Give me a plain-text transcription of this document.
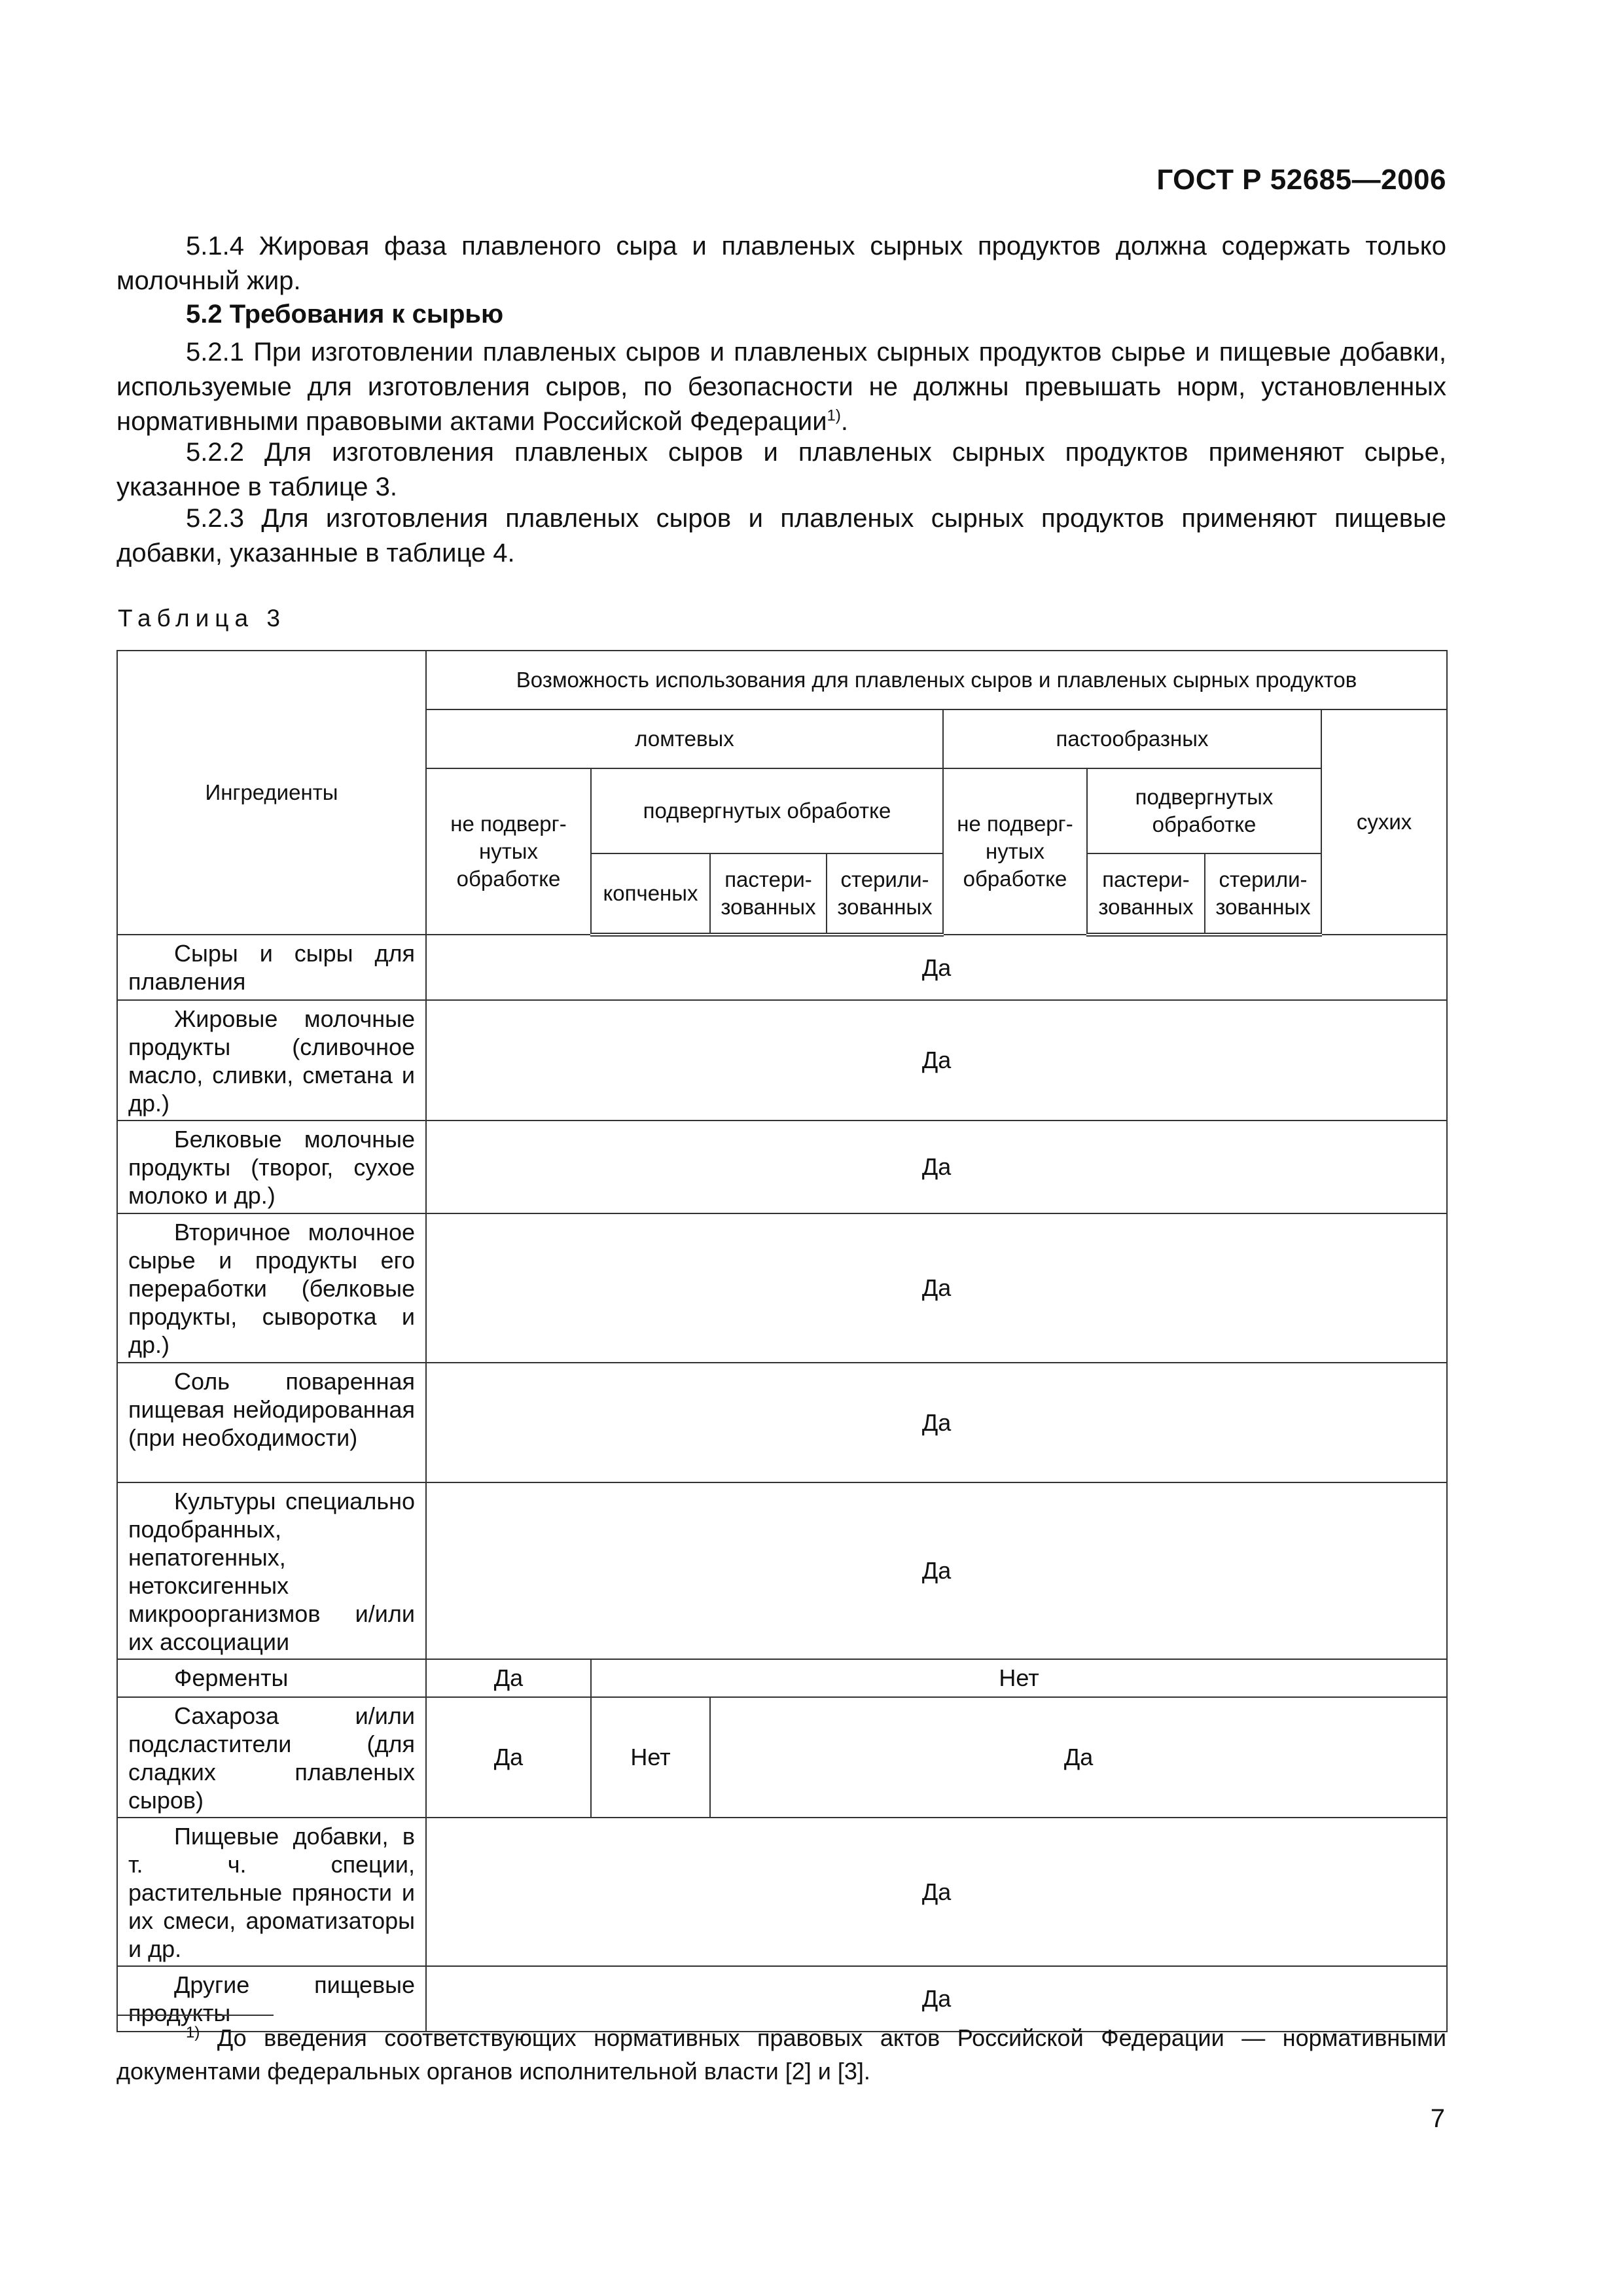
ГОСТ Р 52685—2006

5.1.4 Жировая фаза плавленого сыра и плавленых сырных продуктов должна содержать только молочный жир.

5.2 Требования к сырью

5.2.1 При изготовлении плавленых сыров и плавленых сырных продуктов сырье и пищевые добавки, используемые для изготовления сыров, по безопасности не должны превышать норм, установленных нормативными правовыми актами Российской Федерации$^{1)}$.

5.2.2 Для изготовления плавленых сыров и плавленых сырных продуктов применяют сырье, указанное в таблице 3.

5.2.3 Для изготовления плавленых сыров и плавленых сырных продуктов применяют пищевые добавки, указанные в таблице 4.

Таблица 3
Ингредиенты	Возможность использования для плавленых сыров и плавленых сырных продуктов							
	ломтевых				пастообразных			сухих
	не подверг-нутых обработке	подвергнутых обработке			не подверг-нутых обработке	подвергнутых обработке		
		копченых	пастери-зованных	стерили-зованных		пастери-зованных	стерили-зованных	

Сыры и сыры для плавления	Да							

Жировые молочные продукты (сливочное масло, сливки, сметана и др.)	Да							

Белковые молочные продукты (творог, сухое молоко и др.)	Да							

Вторичное молочное сырье и продукты его переработки (белковые продукты, сыворотка и др.)	Да							

Соль поваренная пищевая нейодированная (при необходимости)	Да							

Культуры специально подобранных, непатогенных, нетоксигенных микроорганизмов и/или их ассоциации	Да							

Ферменты	Да	Нет						

Сахароза и/или подсластители (для сладких плавленых сыров)	Да	Нет	Да					

Пищевые добавки, в т. ч. специи, растительные пряности и их смеси, ароматизаторы и др.	Да							

Другие пищевые продукты	Да							

$^{1)}$ До введения соответствующих нормативных правовых актов Российской Федерации — нормативными документами федеральных органов исполнительной власти [2] и [3].

7
